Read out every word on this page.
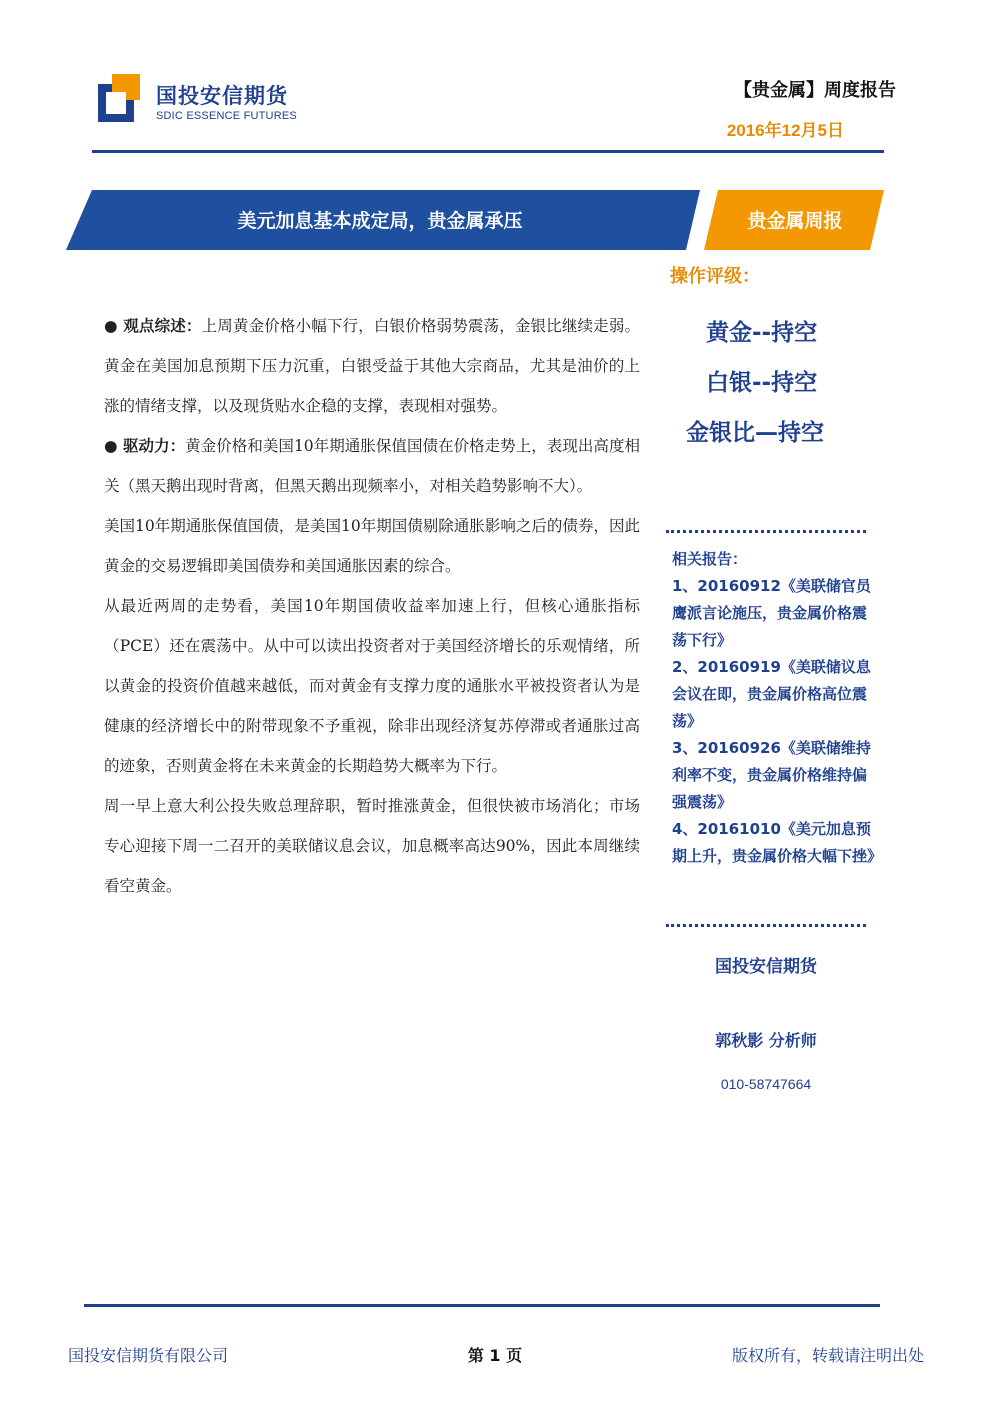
国投安信期货
SDIC ESSENCE FUTURES
【贵金属】周度报告
2016年12月5日
美元加息基本成定局，贵金属承压	贵金属周报

● 观点综述：上周黄金价格小幅下行，白银价格弱势震荡，金银比继续走弱。黄金在美国加息预期下压力沉重，白银受益于其他大宗商品，尤其是油价的上涨的情绪支撑，以及现货贴水企稳的支撑，表现相对强势。

● 驱动力：黄金价格和美国10年期通胀保值国债在价格走势上，表现出高度相关（黑天鹅出现时背离，但黑天鹅出现频率小，对相关趋势影响不大）。

美国10年期通胀保值国债，是美国10年期国债剔除通胀影响之后的债券，因此黄金的交易逻辑即美国债券和美国通胀因素的综合。

从最近两周的走势看，美国10年期国债收益率加速上行，但核心通胀指标（PCE）还在震荡中。从中可以读出投资者对于美国经济增长的乐观情绪，所以黄金的投资价值越来越低，而对黄金有支撑力度的通胀水平被投资者认为是健康的经济增长中的附带现象不予重视，除非出现经济复苏停滞或者通胀过高的迹象，否则黄金将在未来黄金的长期趋势大概率为下行。

周一早上意大利公投失败总理辞职，暂时推涨黄金，但很快被市场消化；市场专心迎接下周一二召开的美联储议息会议，加息概率高达90%，因此本周继续看空黄金。

操作评级：
黄金--持空
白银--持空
金银比—持空

相关报告：

1、20160912《美联储官员鹰派言论施压，贵金属价格震荡下行》

2、20160919《美联储议息会议在即，贵金属价格高位震荡》

3、20160926《美联储维持利率不变，贵金属价格维持偏强震荡》

4、20161010《美元加息预期上升，贵金属价格大幅下挫》

国投安信期货
郭秋影 分析师
010-58747664
国投安信期货有限公司	第 1 页	版权所有，转载请注明出处
